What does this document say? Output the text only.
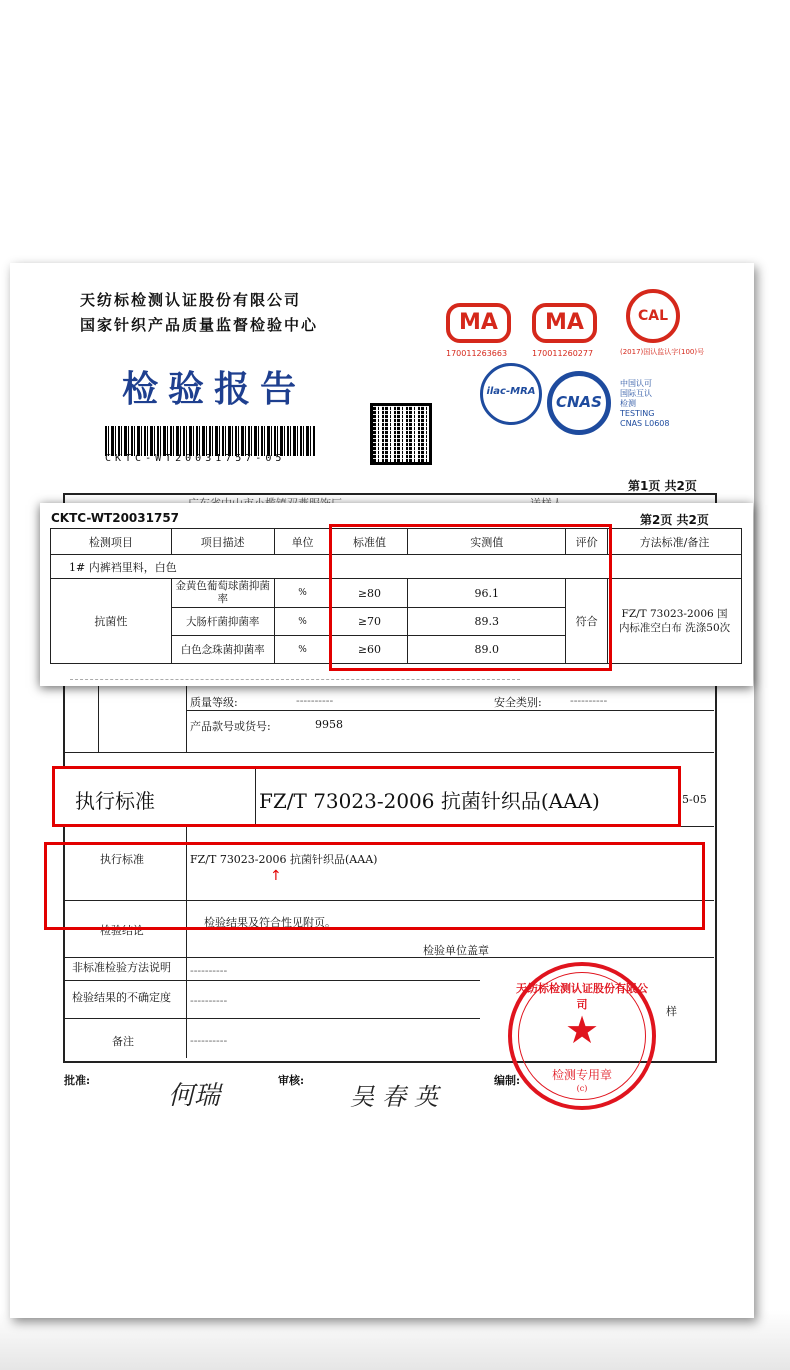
天纺标检测认证股份有限公司
国家针织产品质量监督检验中心
检验报告
CKTC-WT20031757-05
MA
170011263663
MA
170011260277
CAL
(2017)国认监认字(100)号
ilac-MRA
CNAS
中国认可
国际互认
检测
TESTING
CNAS L0608
第1页 共2页
质量等级:	----------	安全类别:	----------
产品款号或货号:	9958
5-05
执行标准	FZ/T 73023-2006 抗菌针织品(AAA)
↑
检验结论
检验结果及符合性见附页。
检验单位盖章
非标准检验方法说明 ----------
检验结果的不确定度 ----------
备注	----------
样
批准:
何瑞
审核:
吴春英
编制:
天纺标检测认证股份有限公司
★
检测专用章
(c)
执行标准	FZ/T 73023-2006 抗菌针织品(AAA)
CKTC-WT20031757	第2页 共2页
检测项目	项目描述	单位	标准值	实测值	评价	方法标准/备注
1# 内裤裆里料，白色						
抗菌性	金黄色葡萄球菌抑菌率	%	≥80	96.1	符合	FZ/T 73023-2006 国内标准空白布 洗涤50次
	大肠杆菌抑菌率	%	≥70	89.3		
	白色念珠菌抑菌率	%	≥60	89.0		
